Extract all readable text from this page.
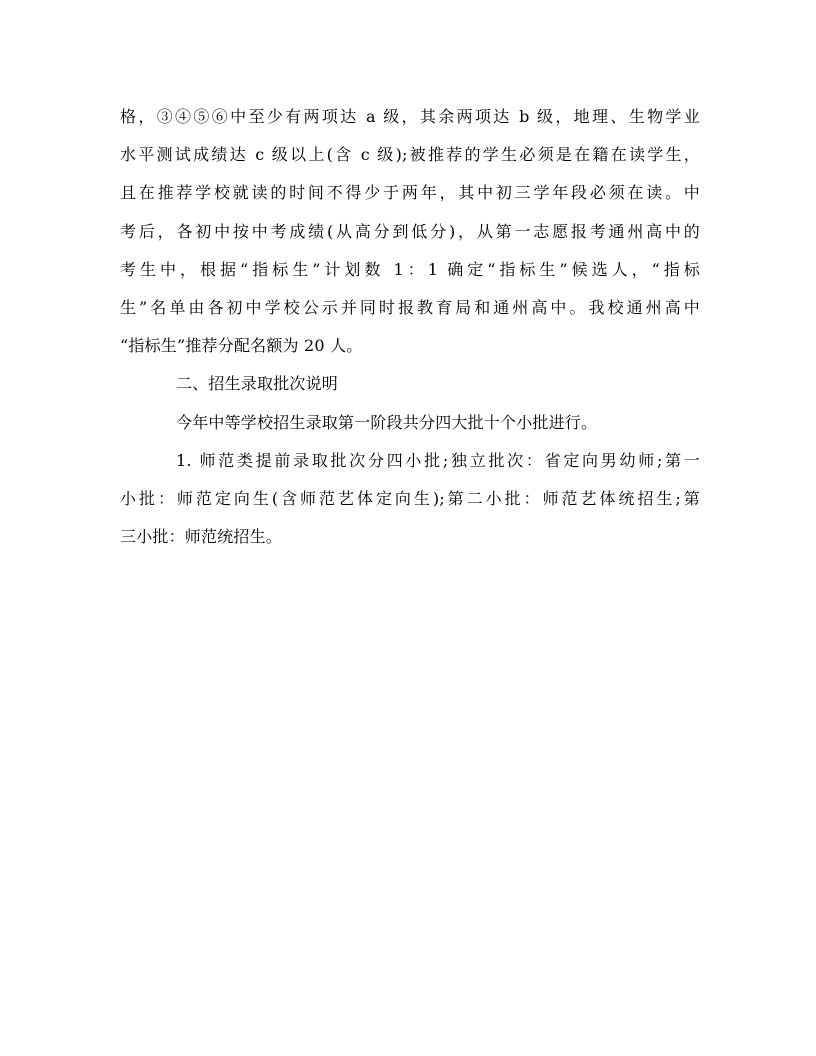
格，③④⑤⑥中至少有两项达 a 级，其余两项达 b 级，地理、生物学业
水平测试成绩达 c 级以上(含 c 级);被推荐的学生必须是在籍在读学生，
且在推荐学校就读的时间不得少于两年，其中初三学年段必须在读。中
考后，各初中按中考成绩(从高分到低分)，从第一志愿报考通州高中的
考生中，根据“指标生”计划数 1：1 确定“指标生”候选人，“指标
生”名单由各初中学校公示并同时报教育局和通州高中。我校通州高中
“指标生”推荐分配名额为 20 人。
二、招生录取批次说明
今年中等学校招生录取第一阶段共分四大批十个小批进行。
1. 师范类提前录取批次分四小批;独立批次：省定向男幼师;第一
小批：师范定向生(含师范艺体定向生);第二小批：师范艺体统招生;第
三小批：师范统招生。
